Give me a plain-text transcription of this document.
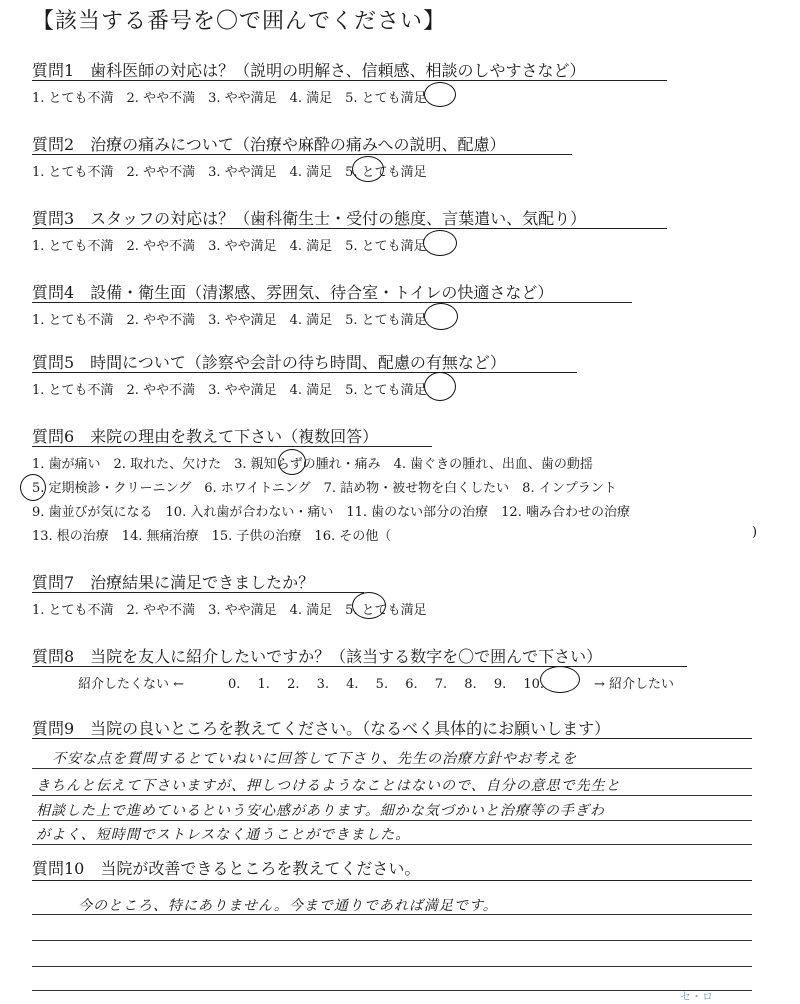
【該当する番号を〇で囲んでください】
質問1　歯科医師の対応は？（説明の明解さ、信頼感、相談のしやすさなど）
1. とても不満　2. やや不満　3. やや満足　4. 満足　5. とても満足
質問2　治療の痛みについて（治療や麻酔の痛みへの説明、配慮）
1. とても不満　2. やや不満　3. やや満足　4. 満足　5. とても満足
質問3　スタッフの対応は？（歯科衛生士・受付の態度、言葉遣い、気配り）
1. とても不満　2. やや不満　3. やや満足　4. 満足　5. とても満足
質問4　設備・衛生面（清潔感、雰囲気、待合室・トイレの快適さなど）
1. とても不満　2. やや不満　3. やや満足　4. 満足　5. とても満足
質問5　時間について（診察や会計の待ち時間、配慮の有無など）
1. とても不満　2. やや不満　3. やや満足　4. 満足　5. とても満足
質問6　来院の理由を教えて下さい（複数回答）
1. 歯が痛い　2. 取れた、欠けた　3. 親知らずの腫れ・痛み　4. 歯ぐきの腫れ、出血、歯の動揺
5. 定期検診・クリーニング　6. ホワイトニング　7. 詰め物・被せ物を白くしたい　8. インプラント
9. 歯並びが気になる　10. 入れ歯が合わない・痛い　11. 歯のない部分の治療　12. 噛み合わせの治療
13. 根の治療　14. 無痛治療　15. 子供の治療　16. その他（	)
質問7　治療結果に満足できましたか？
1. とても不満　2. やや不満　3. やや満足　4. 満足　5. とても満足
質問8　当院を友人に紹介したいですか？（該当する数字を〇で囲んで下さい）
紹介したくない ←	0.　 1.　 2.　 3.　 4.　 5.　 6.　 7.　 8.　 9.　 10.	→ 紹介したい
質問9　当院の良いところを教えてください。（なるべく具体的にお願いします）
不安な点を質問するとていねいに回答して下さり、先生の治療方針やお考えを
きちんと伝えて下さいますが、押しつけるようなことはないので、自分の意思で先生と
相談した上で進めているという安心感があります。細かな気づかいと治療等の手ぎわ
がよく、短時間でストレスなく通うことができました。
質問10　当院が改善できるところを教えてください。
今のところ、特にありません。今まで通りであれば満足です。
セ・ロ
